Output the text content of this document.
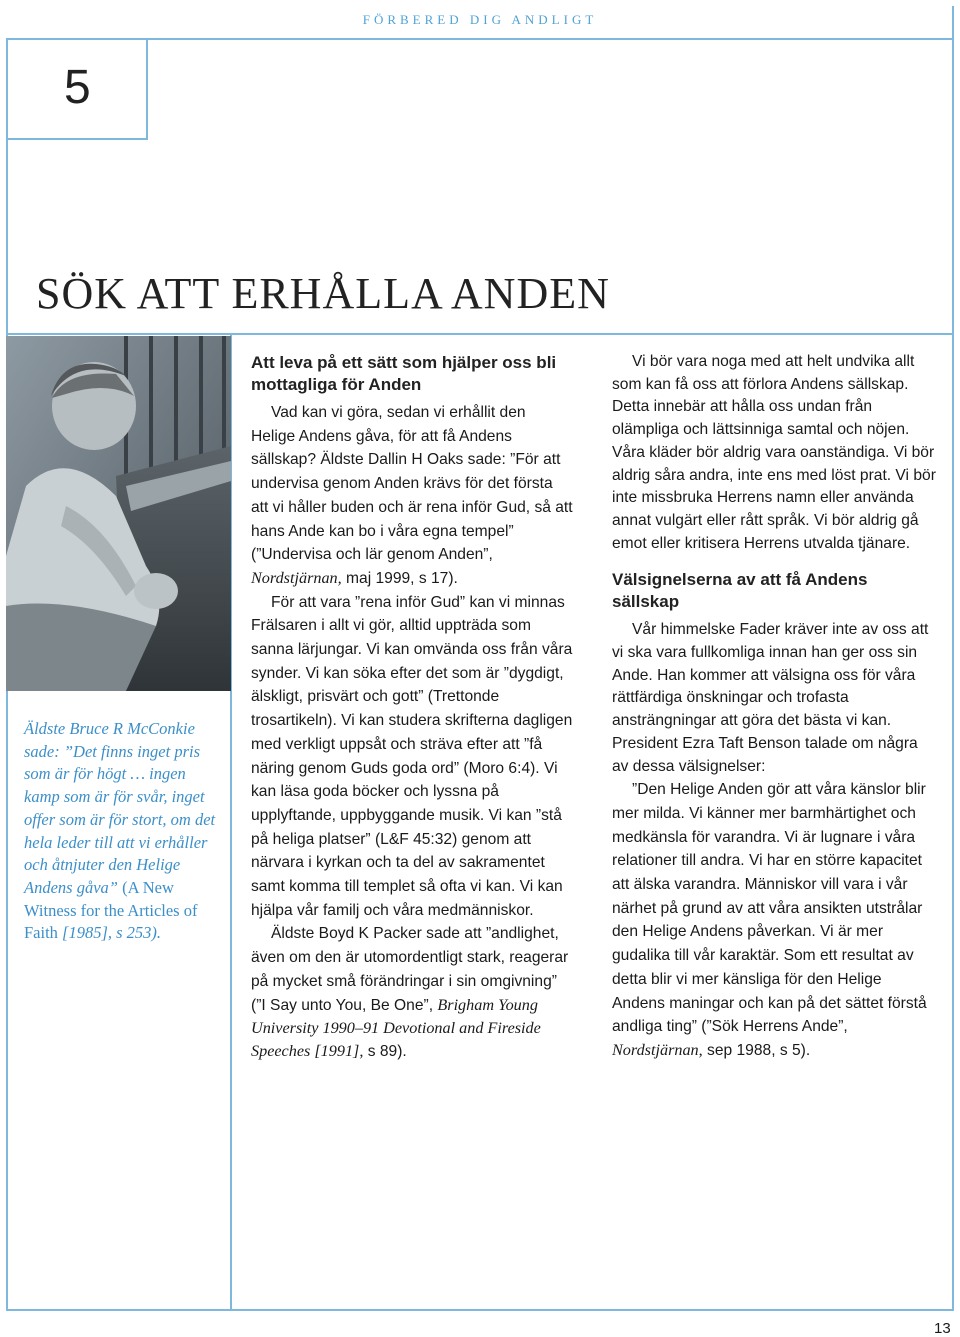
FÖRBERED DIG ANDLIGT
5
SÖK ATT ERHÅLLA ANDEN
Äldste Bruce R McConkie sade: ”Det finns inget pris som är för högt … ingen kamp som är för svår, inget offer som är för stort, om det hela leder till att vi erhåller och åtnjuter den Helige Andens gåva” (A New Witness for the Articles of Faith [1985], s 253).
Att leva på ett sätt som hjälper oss bli mottagliga för Anden

Vad kan vi göra, sedan vi erhållit den Helige Andens gåva, för att få Andens sällskap? Äldste Dallin H Oaks sade: ”För att undervisa genom Anden krävs för det första att vi håller buden och är rena inför Gud, så att hans Ande kan bo i våra egna tempel” (”Undervisa och lär genom Anden”, Nordstjärnan, maj 1999, s 17).

För att vara ”rena inför Gud” kan vi minnas Frälsaren i allt vi gör, alltid uppträda som sanna lärjungar. Vi kan omvända oss från våra synder. Vi kan söka efter det som är ”dygdigt, älskligt, prisvärt och gott” (Trettonde trosartikeln). Vi kan studera skrifterna dagligen med verkligt uppsåt och sträva efter att ”få näring genom Guds goda ord” (Moro 6:4). Vi kan läsa goda böcker och lyssna på upplyftande, uppbyggande musik. Vi kan ”stå på heliga platser” (L&F 45:32) genom att närvara i kyrkan och ta del av sakramentet samt komma till templet så ofta vi kan. Vi kan hjälpa vår familj och våra medmänniskor.

Äldste Boyd K Packer sade att ”andlighet, även om den är utomordentligt stark, reagerar på mycket små förändringar i sin omgivning” (”I Say unto You, Be One”, Brigham Young University 1990–91 Devotional and Fireside Speeches [1991], s 89).

Vi bör vara noga med att helt undvika allt som kan få oss att förlora Andens sällskap. Detta innebär att hålla oss undan från olämpliga och lättsinniga samtal och nöjen. Våra kläder bör aldrig vara oanständiga. Vi bör aldrig såra andra, inte ens med löst prat. Vi bör inte missbruka Herrens namn eller använda annat vulgärt eller rått språk. Vi bör aldrig gå emot eller kritisera Herrens utvalda tjänare.

Välsignelserna av att få Andens sällskap

Vår himmelske Fader kräver inte av oss att vi ska vara fullkomliga innan han ger oss sin Ande. Han kommer att välsigna oss för våra rättfärdiga önskningar och trofasta ansträngningar att göra det bästa vi kan. President Ezra Taft Benson talade om några av dessa välsignelser:

”Den Helige Anden gör att våra känslor blir mer milda. Vi känner mer barmhärtighet och medkänsla för varandra. Vi är lugnare i våra relationer till andra. Vi har en större kapacitet att älska varandra. Människor vill vara i vår närhet på grund av att våra ansikten utstrålar den Helige Andens påverkan. Vi är mer gudalika till vår karaktär. Som ett resultat av detta blir vi mer känsliga för den Helige Andens maningar och kan på det sättet förstå andliga ting” (”Sök Herrens Ande”, Nordstjärnan, sep 1988, s 5).

13
